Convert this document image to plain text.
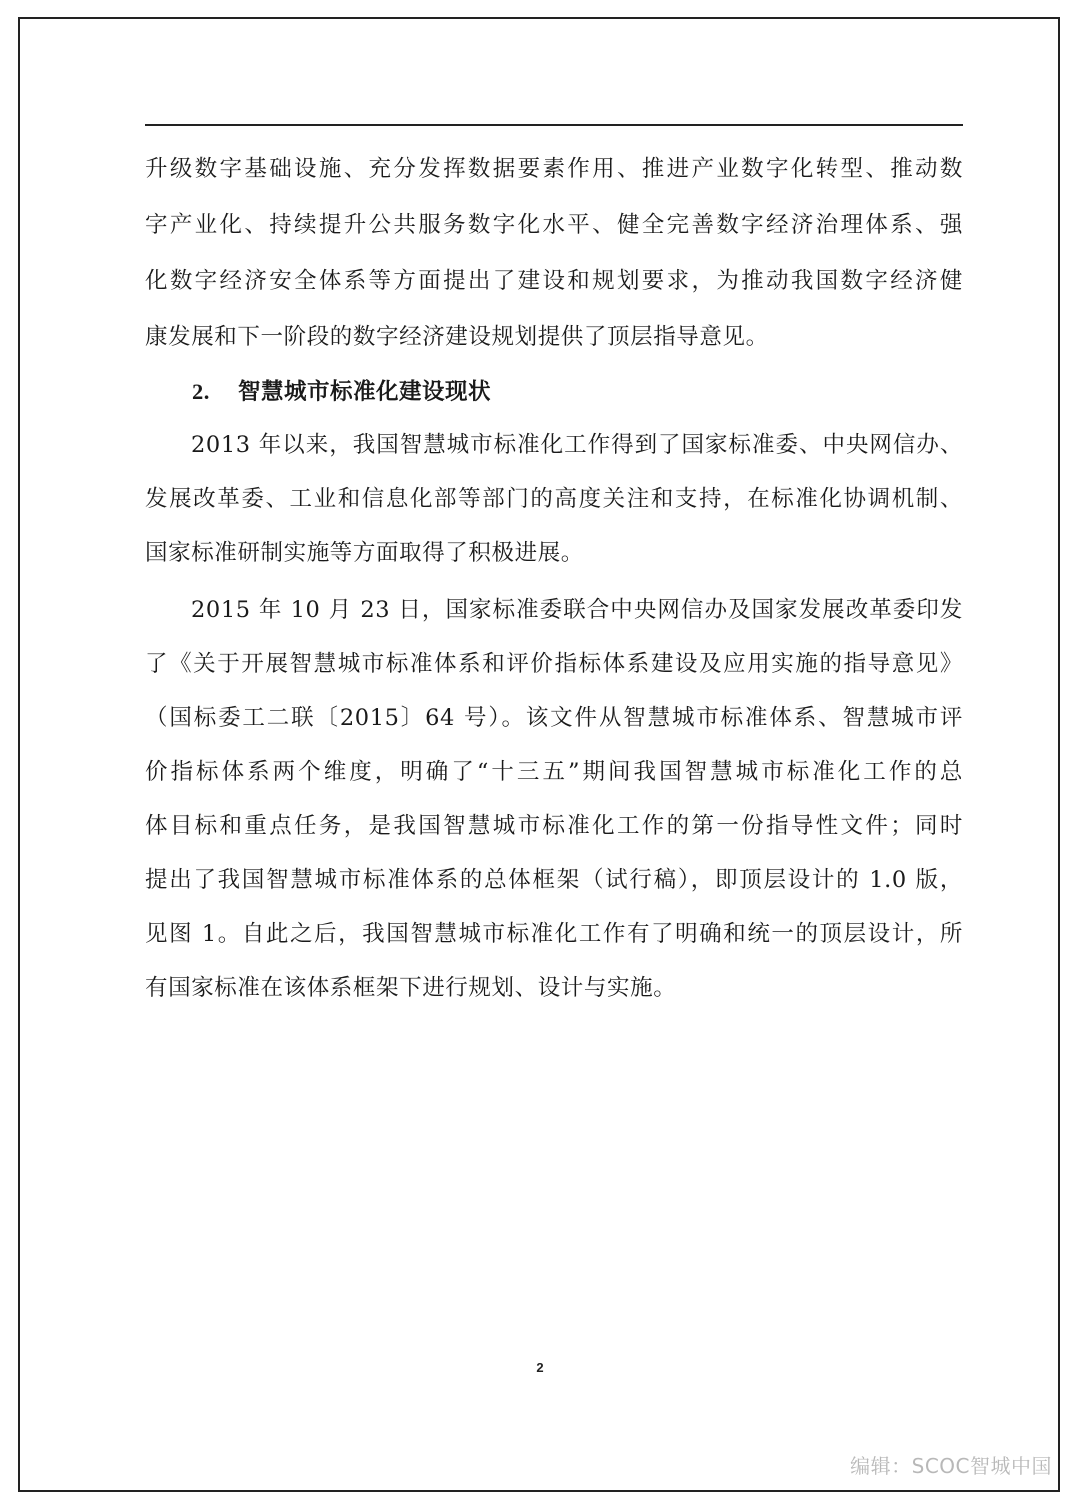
升级数字基础设施、充分发挥数据要素作用、推进产业数字化转型、推动数
字产业化、持续提升公共服务数字化水平、健全完善数字经济治理体系、强
化数字经济安全体系等方面提出了建设和规划要求，为推动我国数字经济健
康发展和下一阶段的数字经济建设规划提供了顶层指导意见。
2. 智慧城市标准化建设现状
2013 年以来，我国智慧城市标准化工作得到了国家标准委、中央网信办、
发展改革委、工业和信息化部等部门的高度关注和支持，在标准化协调机制、
国家标准研制实施等方面取得了积极进展。
2015 年 10 月 23 日，国家标准委联合中央网信办及国家发展改革委印发
了《关于开展智慧城市标准体系和评价指标体系建设及应用实施的指导意见》
（国标委工二联〔2015〕64 号）。该文件从智慧城市标准体系、智慧城市评
价指标体系两个维度，明确了“十三五”期间我国智慧城市标准化工作的总
体目标和重点任务，是我国智慧城市标准化工作的第一份指导性文件；同时
提出了我国智慧城市标准体系的总体框架（试行稿），即顶层设计的 1.0 版，
见图 1。自此之后，我国智慧城市标准化工作有了明确和统一的顶层设计，所
有国家标准在该体系框架下进行规划、设计与实施。
2
编辑：SCOC智城中国
